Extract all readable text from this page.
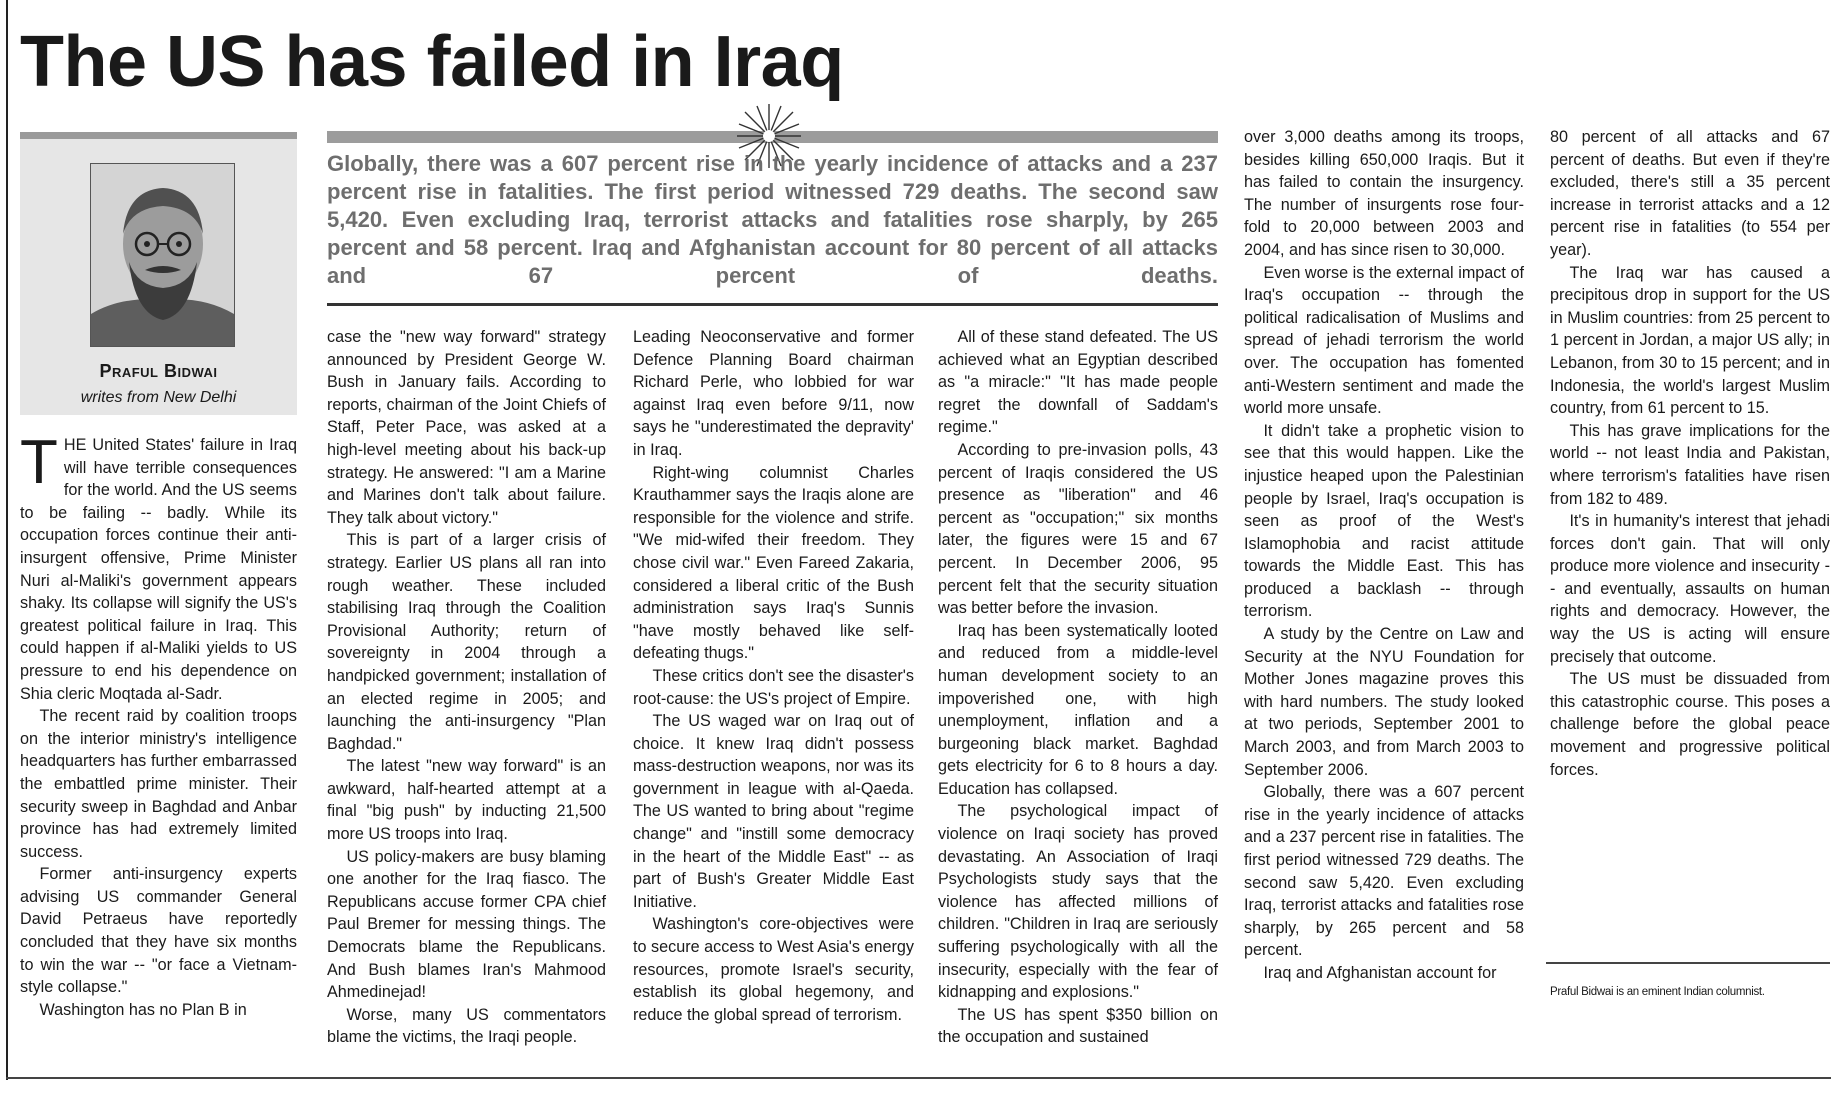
The US has failed in Iraq
Praful Bidwai
writes from New Delhi

Globally, there was a 607 percent rise in the yearly incidence of attacks and a 237 percent rise in fatalities. The first period witnessed 729 deaths. The second saw 5,420. Even excluding Iraq, terrorist attacks and fatalities rose sharply, by 265 percent and 58 percent. Iraq and Afghanistan account for 80 percent of all attacks and 67 percent of deaths.

THE United States' failure in Iraq will have terrible consequences for the world. And the US seems to be failing -- badly. While its occupation forces continue their anti-insurgent offensive, Prime Minister Nuri al-Maliki's government appears shaky. Its collapse will signify the US's greatest political failure in Iraq. This could happen if al-Maliki yields to US pressure to end his dependence on Shia cleric Moqtada al-Sadr.

The recent raid by coalition troops on the interior ministry's intelligence headquarters has further embarrassed the embattled prime minister. Their security sweep in Baghdad and Anbar province has had extremely limited success.

Former anti-insurgency experts advising US commander General David Petraeus have reportedly concluded that they have six months to win the war -- "or face a Vietnam-style collapse."

Washington has no Plan B in

case the "new way forward" strategy announced by President George W. Bush in January fails. According to reports, chairman of the Joint Chiefs of Staff, Peter Pace, was asked at a high-level meeting about his back-up strategy. He answered: "I am a Marine and Marines don't talk about failure. They talk about victory."

This is part of a larger crisis of strategy. Earlier US plans all ran into rough weather. These included stabilising Iraq through the Coalition Provisional Authority; return of sovereignty in 2004 through a handpicked government; installation of an elected regime in 2005; and launching the anti-insurgency "Plan Baghdad."

The latest "new way forward" is an awkward, half-hearted attempt at a final "big push" by inducting 21,500 more US troops into Iraq.

US policy-makers are busy blaming one another for the Iraq fiasco. The Republicans accuse former CPA chief Paul Bremer for messing things. The Democrats blame the Republicans. And Bush blames Iran's Mahmood Ahmedinejad!

Worse, many US commentators blame the victims, the Iraqi people.

Leading Neoconservative and former Defence Planning Board chairman Richard Perle, who lobbied for war against Iraq even before 9/11, now says he "underestimated the depravity' in Iraq.

Right-wing columnist Charles Krauthammer says the Iraqis alone are responsible for the violence and strife. "We mid-wifed their freedom. They chose civil war." Even Fareed Zakaria, considered a liberal critic of the Bush administration says Iraq's Sunnis "have mostly behaved like self-defeating thugs."

These critics don't see the disaster's root-cause: the US's project of Empire.

The US waged war on Iraq out of choice. It knew Iraq didn't possess mass-destruction weapons, nor was its government in league with al-Qaeda. The US wanted to bring about "regime change" and "instill some democracy in the heart of the Middle East" -- as part of Bush's Greater Middle East Initiative.

Washington's core-objectives were to secure access to West Asia's energy resources, promote Israel's security, establish its global hegemony, and reduce the global spread of terrorism.

All of these stand defeated. The US achieved what an Egyptian described as "a miracle:" "It has made people regret the downfall of Saddam's regime."

According to pre-invasion polls, 43 percent of Iraqis considered the US presence as "liberation" and 46 percent as "occupation;" six months later, the figures were 15 and 67 percent. In December 2006, 95 percent felt that the security situation was better before the invasion.

Iraq has been systematically looted and reduced from a middle-level human development society to an impoverished one, with high unemployment, inflation and a burgeoning black market. Baghdad gets electricity for 6 to 8 hours a day. Education has collapsed.

The psychological impact of violence on Iraqi society has proved devastating. An Association of Iraqi Psychologists study says that the violence has affected millions of children. "Children in Iraq are seriously suffering psychologically with all the insecurity, especially with the fear of kidnapping and explosions."

The US has spent $350 billion on the occupation and sustained

over 3,000 deaths among its troops, besides killing 650,000 Iraqis. But it has failed to contain the insurgency. The number of insurgents rose four-fold to 20,000 between 2003 and 2004, and has since risen to 30,000.

Even worse is the external impact of Iraq's occupation -- through the political radicalisation of Muslims and spread of jehadi terrorism the world over. The occupation has fomented anti-Western sentiment and made the world more unsafe.

It didn't take a prophetic vision to see that this would happen. Like the injustice heaped upon the Palestinian people by Israel, Iraq's occupation is seen as proof of the West's Islamophobia and racist attitude towards the Middle East. This has produced a backlash -- through terrorism.

A study by the Centre on Law and Security at the NYU Foundation for Mother Jones magazine proves this with hard numbers. The study looked at two periods, September 2001 to March 2003, and from March 2003 to September 2006.

Globally, there was a 607 percent rise in the yearly incidence of attacks and a 237 percent rise in fatalities. The first period witnessed 729 deaths. The second saw 5,420. Even excluding Iraq, terrorist attacks and fatalities rose sharply, by 265 percent and 58 percent.

Iraq and Afghanistan account for

80 percent of all attacks and 67 percent of deaths. But even if they're excluded, there's still a 35 percent increase in terrorist attacks and a 12 percent rise in fatalities (to 554 per year).

The Iraq war has caused a precipitous drop in support for the US in Muslim countries: from 25 percent to 1 percent in Jordan, a major US ally; in Lebanon, from 30 to 15 percent; and in Indonesia, the world's largest Muslim country, from 61 percent to 15.

This has grave implications for the world -- not least India and Pakistan, where terrorism's fatalities have risen from 182 to 489.

It's in humanity's interest that jehadi forces don't gain. That will only produce more violence and insecurity -- and eventually, assaults on human rights and democracy. However, the way the US is acting will ensure precisely that outcome.

The US must be dissuaded from this catastrophic course. This poses a challenge before the global peace movement and progressive political forces.

Praful Bidwai is an eminent Indian columnist.
